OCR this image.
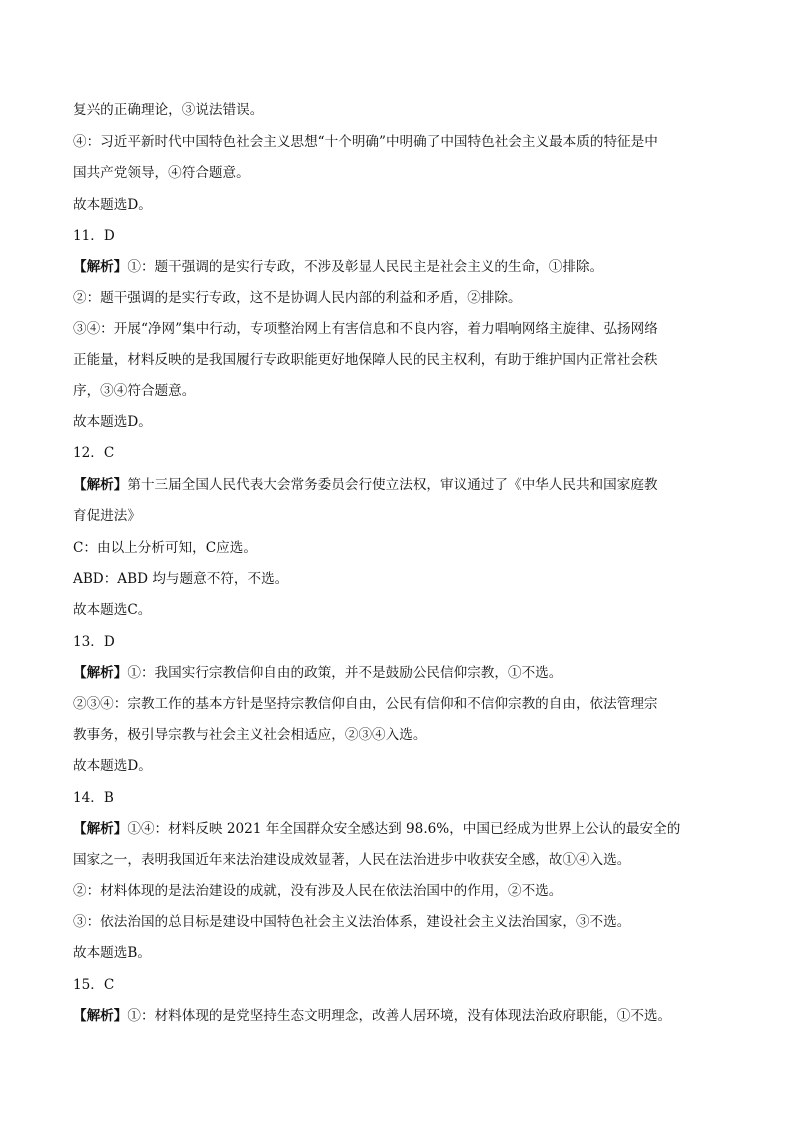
复兴的正确理论，③说法错误。
④：习近平新时代中国特色社会主义思想“十个明确”中明确了中国特色社会主义最本质的特征是中
国共产党领导，④符合题意。
故本题选D。
11．D
【解析】①：题干强调的是实行专政，不涉及彰显人民民主是社会主义的生命，①排除。
②：题干强调的是实行专政，这不是协调人民内部的利益和矛盾，②排除。
③④：开展“净网”集中行动，专项整治网上有害信息和不良内容，着力唱响网络主旋律、弘扬网络
正能量，材料反映的是我国履行专政职能更好地保障人民的民主权利，有助于维护国内正常社会秩
序，③④符合题意。
故本题选D。
12．C
【解析】第十三届全国人民代表大会常务委员会行使立法权，审议通过了《中华人民共和国家庭教
育促进法》
C：由以上分析可知，C应选。
ABD：ABD 均与题意不符，不选。
故本题选C。
13．D
【解析】①：我国实行宗教信仰自由的政策，并不是鼓励公民信仰宗教，①不选。
②③④：宗教工作的基本方针是坚持宗教信仰自由，公民有信仰和不信仰宗教的自由，依法管理宗
教事务，极引导宗教与社会主义社会相适应，②③④入选。
故本题选D。
14．B
【解析】①④：材料反映 2021 年全国群众安全感达到 98.6%，中国已经成为世界上公认的最安全的
国家之一，表明我国近年来法治建设成效显著，人民在法治进步中收获安全感，故①④入选。
②：材料体现的是法治建设的成就，没有涉及人民在依法治国中的作用，②不选。
③：依法治国的总目标是建设中国特色社会主义法治体系，建设社会主义法治国家，③不选。
故本题选B。
15．C
【解析】①：材料体现的是党坚持生态文明理念，改善人居环境，没有体现法治政府职能，①不选。
